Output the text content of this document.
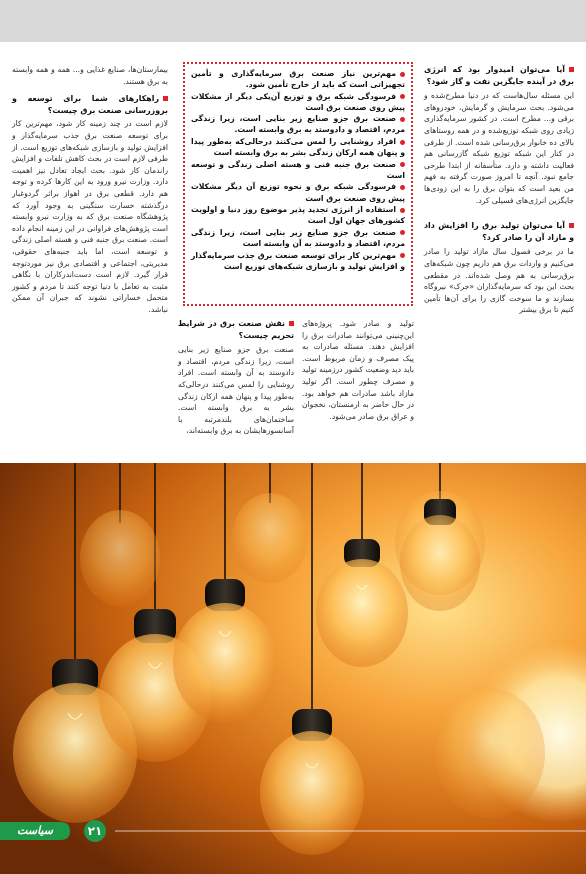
آیا می‌توان امیدوار بود که انرژی برق در آینده جایگزین نفت و گاز شود؟

این مسئله سال‌هاست که در دنیا مطرح‌شده و می‌شود. بحث سرمایش و گرمایش، خودروهای برقی و... مطرح است. در کشور سرمایه‌گذاری زیادی روی شبکه توزیع‌شده و در همه روستاهای بالای ده خانوار برق‌رسانی شده است. از طرفی در کنار این شبکه توزیع شبکه گازرسانی هم فعالیت داشته و دارد. متأسفانه از ابتدا طرحی جامع نبود. آنچه تا امروز صورت گرفته به فهم من بعید است که بتوان برق را به این زودی‌ها جایگزین انرژی‌های فسیلی کرد.

آیا می‌توان تولید برق را افزایش داد و مازاد آن را صادر کرد؟

ما در برخی فصول سال مازاد تولید را صادر می‌کنیم و واردات برق هم داریم چون شبکه‌های برق‌رسانی به هم وصل شده‌اند. در مقطعی بحث این بود که سرمایه‌گذاران «جرک» نیروگاه بسازند و ما سوخت گازی را برای آن‌ها تأمین کنیم تا برق بیشتر

مهم‌ترین نیاز صنعت برق سرمایه‌گذاری و تأمین تجهیزاتی است که باید از خارج تأمین شود.

فرسودگی شبکه برق و توزیع آن‌یکی دیگر از مشکلات پیش روی صنعت برق است

صنعت برق جزو صنایع زیر بنایی است، زیرا زندگی مردم، اقتصاد و دادوستد به برق وابسته است.

افراد روشنایی را لمس می‌کنند درحالی‌که به‌طور پیدا و پنهان همه ارکان زندگی بشر به برق وابسته است

صنعت برق جنبه فنی و هسته اصلی زندگی و توسعه است

فرسودگی شبکه برق و نحوه توزیع آن دیگر مشکلات پیش روی صنعت برق است

استفاده از انرژی تجدید پذیر موضوع روز دنیا و اولویت کشورهای جهان اول است

صنعت برق جزو صنایع زیر بنایی است، زیرا زندگی مردم، اقتصاد و دادوستد به آن وابسته است

مهم‌ترین کار برای توسعه صنعت برق جذب سرمایه‌گذار و افزایش تولید و بازسازی شبکه‌های توزیع است

تولید و صادر شود. پروژه‌های این‌چنینی می‌توانند صادرات برق را افزایش دهند. مسئله صادرات به پیک مصرف و زمان مربوط است. باید دید وضعیت کشور درزمینه تولید و مصرف چطور است. اگر تولید مازاد باشد صادرات هم خواهد بود. در حال حاضر به ارمنستان، نخجوان و عراق برق صادر می‌شود.

نقش صنعت برق در شرایط تحریم چیست؟

صنعت برق جزو صنایع زیر بنایی است، زیرا زندگی مردم، اقتصاد و دادوستد به آن وابسته است. افراد روشنایی را لمس می‌کنند درحالی‌که به‌طور پیدا و پنهان همه ارکان زندگی بشر به برق وابسته است. ساختمان‌های بلندمرتبه با آسانسورهایشان به برق وابسته‌اند،

بیمارستان‌ها، صنایع غذایی و... همه و همه وابسته به برق هستند.

راهکارهای شما برای توسعه و بروزرسانی صنعت برق چیست؟

لازم است در چند زمینه کار شود، مهم‌ترین کار برای توسعه صنعت برق جذب سرمایه‌گذار و افزایش تولید و بازسازی شبکه‌های توزیع است. از طرفی لازم است در بحث کاهش تلفات و افزایش راندمان کار شود. بحث ایجاد تعادل نیز اهمیت دارد. وزارت نیرو ورود به این کارها کرده و توجه هم دارد. قطعی برق در اهواز براثر گردوغبار درگذشته خسارت سنگینی به وجود آورد که پژوهشگاه صنعت برق که به وزارت نیرو وابسته است پژوهش‌های فراوانی در این زمینه انجام داده است. صنعت برق جنبه فنی و هسته اصلی زندگی و توسعه است، اما باید جنبه‌های حقوقی، مدیریتی، اجتماعی و اقتصادی برق نیز موردتوجه قرار گیرد. لازم است دست‌اندرکاران با نگاهی مثبت به تعامل با دنیا توجه کنند تا مردم و کشور متحمل خساراتی نشوند که جبران آن ممکن نباشد.

سیاست	۲۱
